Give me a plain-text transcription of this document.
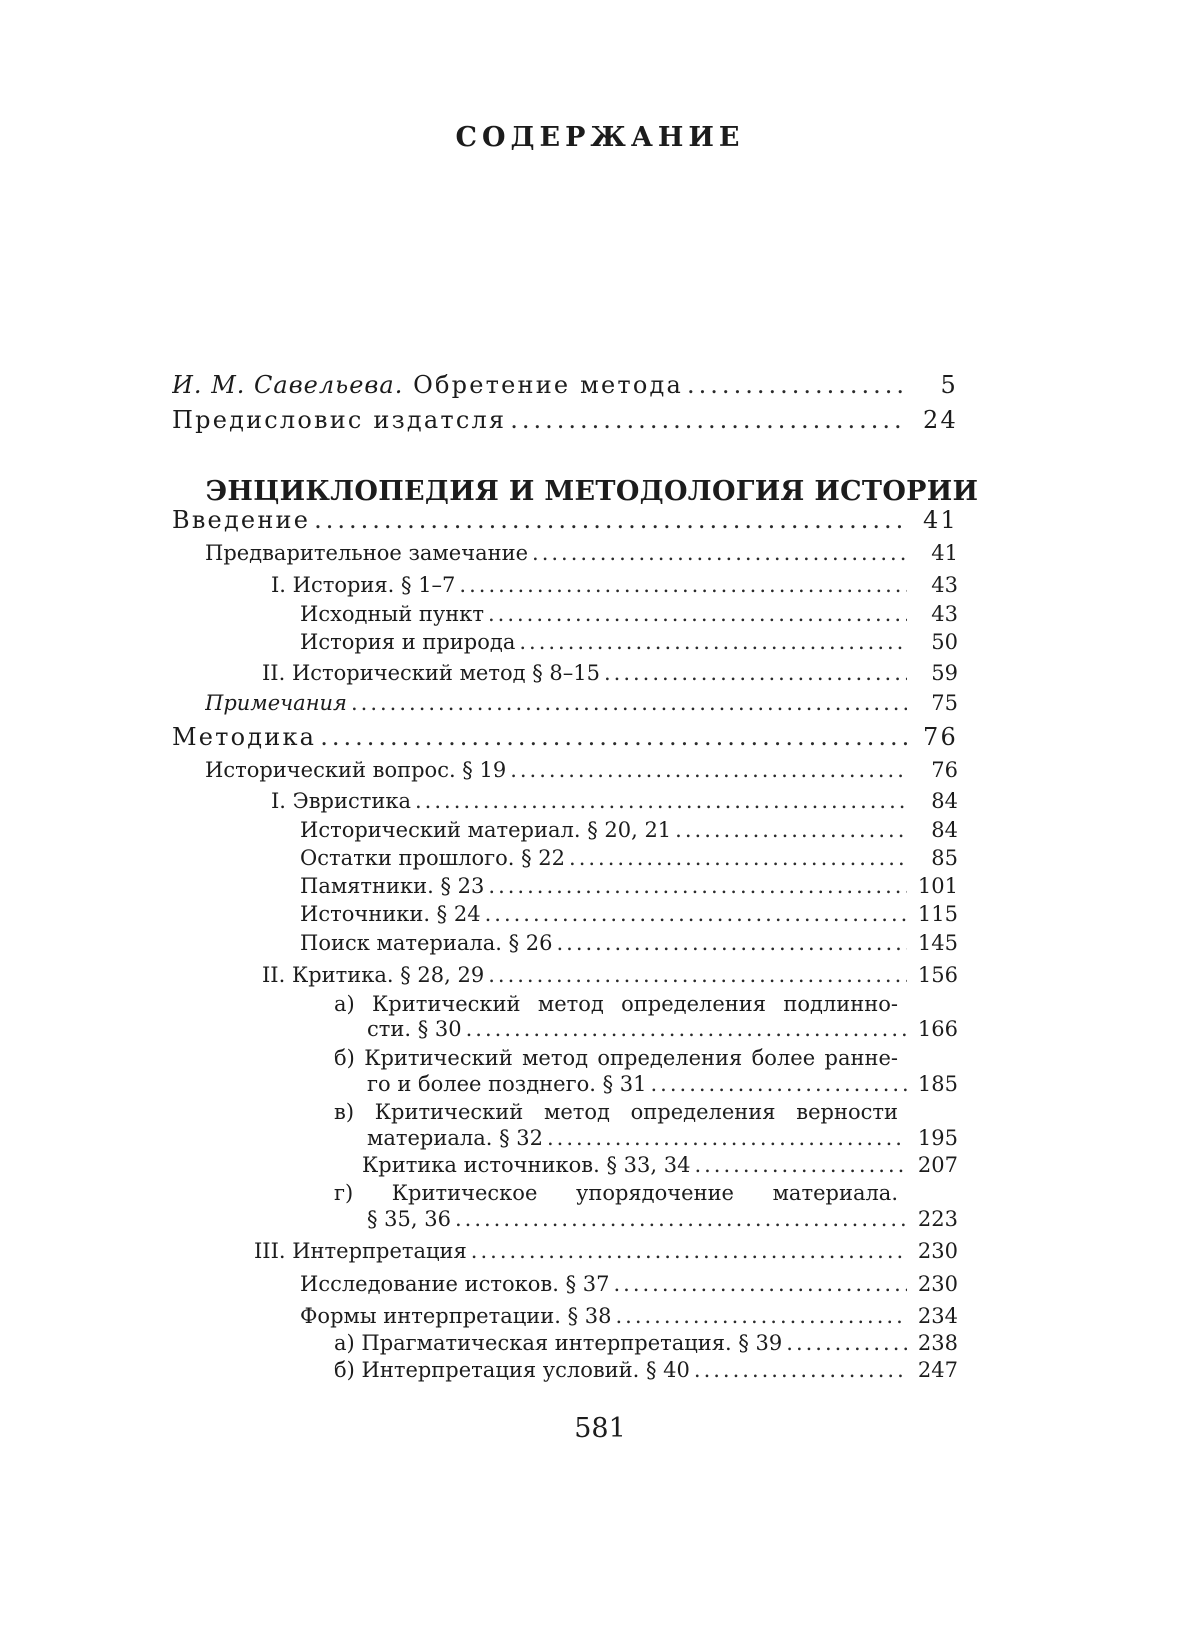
СОДЕРЖАНИЕ
И. М. Савельева. Обретение метода .....	5
Предисловис издатсля .....	24
ЭНЦИКЛОПЕДИЯ И МЕТОДОЛОГИЯ ИСТОРИИ
Введение .....	41
Предварительное замечание .....	41
I. История. § 1–7 .....	43
Исходный пункт .....	43
История и природа .....	50
II. Исторический метод § 8–15 .....	59
Примечания .....	75
Методика .....	76
Исторический вопрос. § 19 .....	76
I. Эвристика .....	84
Исторический материал. § 20, 21 .....	84
Остатки прошлого. § 22 .....	85
Памятники. § 23 .....	101
Источники. § 24 .....	115
Поиск материала. § 26 .....	145
II. Критика. § 28, 29 .....	156
а) Критический метод определения подлинно-
сти. § 30 .....	166
б) Критический метод определения более ранне-
го и более позднего. § 31 .....	185
в) Критический метод определения верности
материала. § 32 .....	195
Критика источников. § 33, 34 .....	207
г) Критическое упорядочение материала.
§ 35, 36 .....	223
III. Интерпретация .....	230
Исследование истоков. § 37 .....	230
Формы интерпретации. § 38 .....	234
а) Прагматическая интерпретация. § 39 .....	238
б) Интерпретация условий. § 40 .....	247
581
